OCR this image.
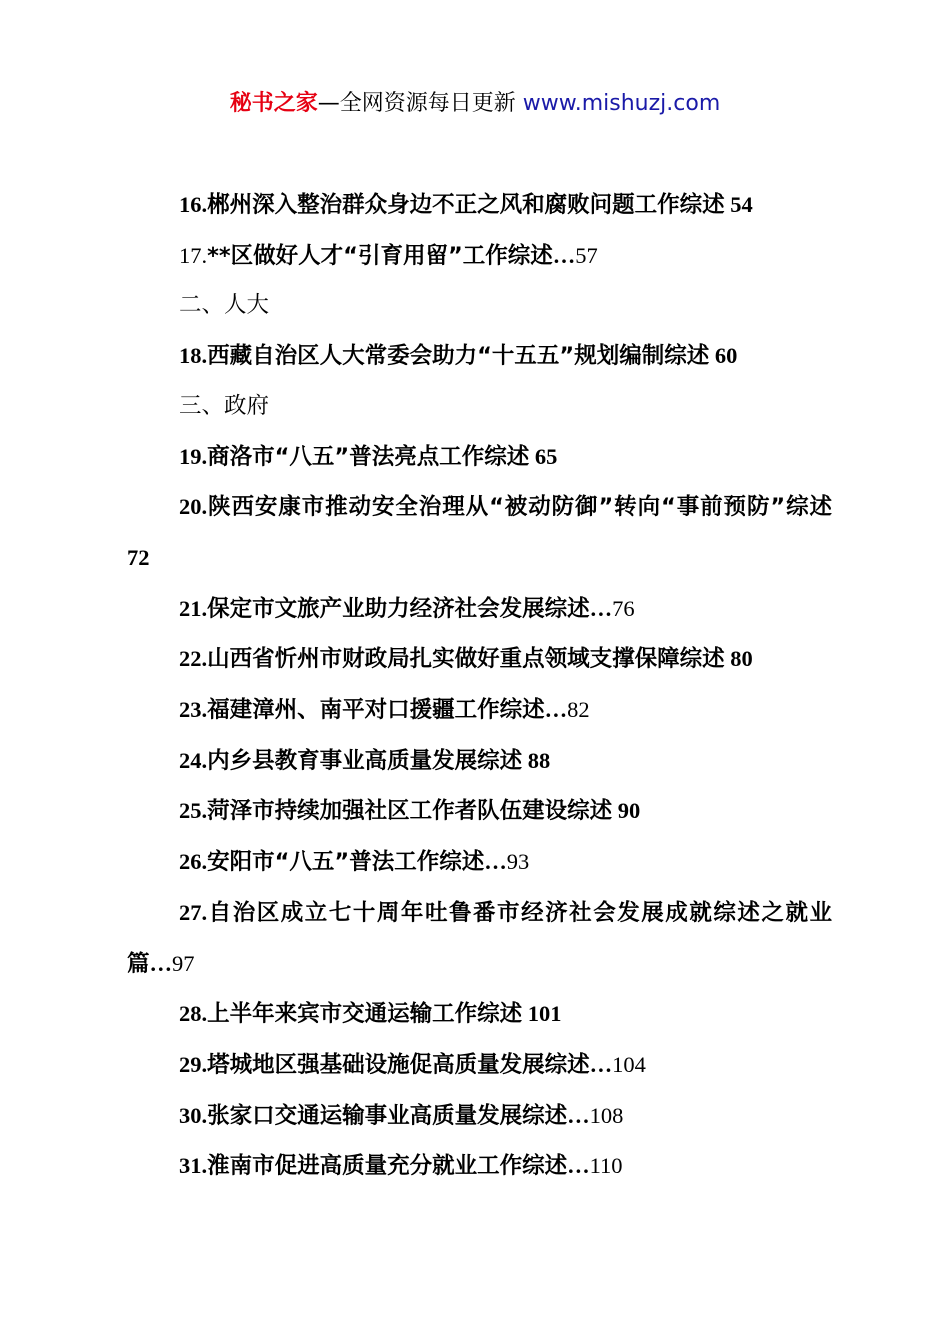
秘书之家—全网资源每日更新 www.mishuzj.com
16.郴州深入整治群众身边不正之风和腐败问题工作综述 54
17.**区做好人才“引育用留”工作综述…57
二、人大
18.西藏自治区人大常委会助力“十五五”规划编制综述 60
三、政府
19.商洛市“八五”普法亮点工作综述 65
20.陕西安康市推动安全治理从“被动防御”转向“事前预防”综述 72
21.保定市文旅产业助力经济社会发展综述…76
22.山西省忻州市财政局扎实做好重点领域支撑保障综述 80
23.福建漳州、南平对口援疆工作综述…82
24.内乡县教育事业高质量发展综述 88
25.菏泽市持续加强社区工作者队伍建设综述 90
26.安阳市“八五”普法工作综述…93
27.自治区成立七十周年吐鲁番市经济社会发展成就综述之就业篇…97
28.上半年来宾市交通运输工作综述 101
29.塔城地区强基础设施促高质量发展综述…104
30.张家口交通运输事业高质量发展综述…108
31.淮南市促进高质量充分就业工作综述…110
